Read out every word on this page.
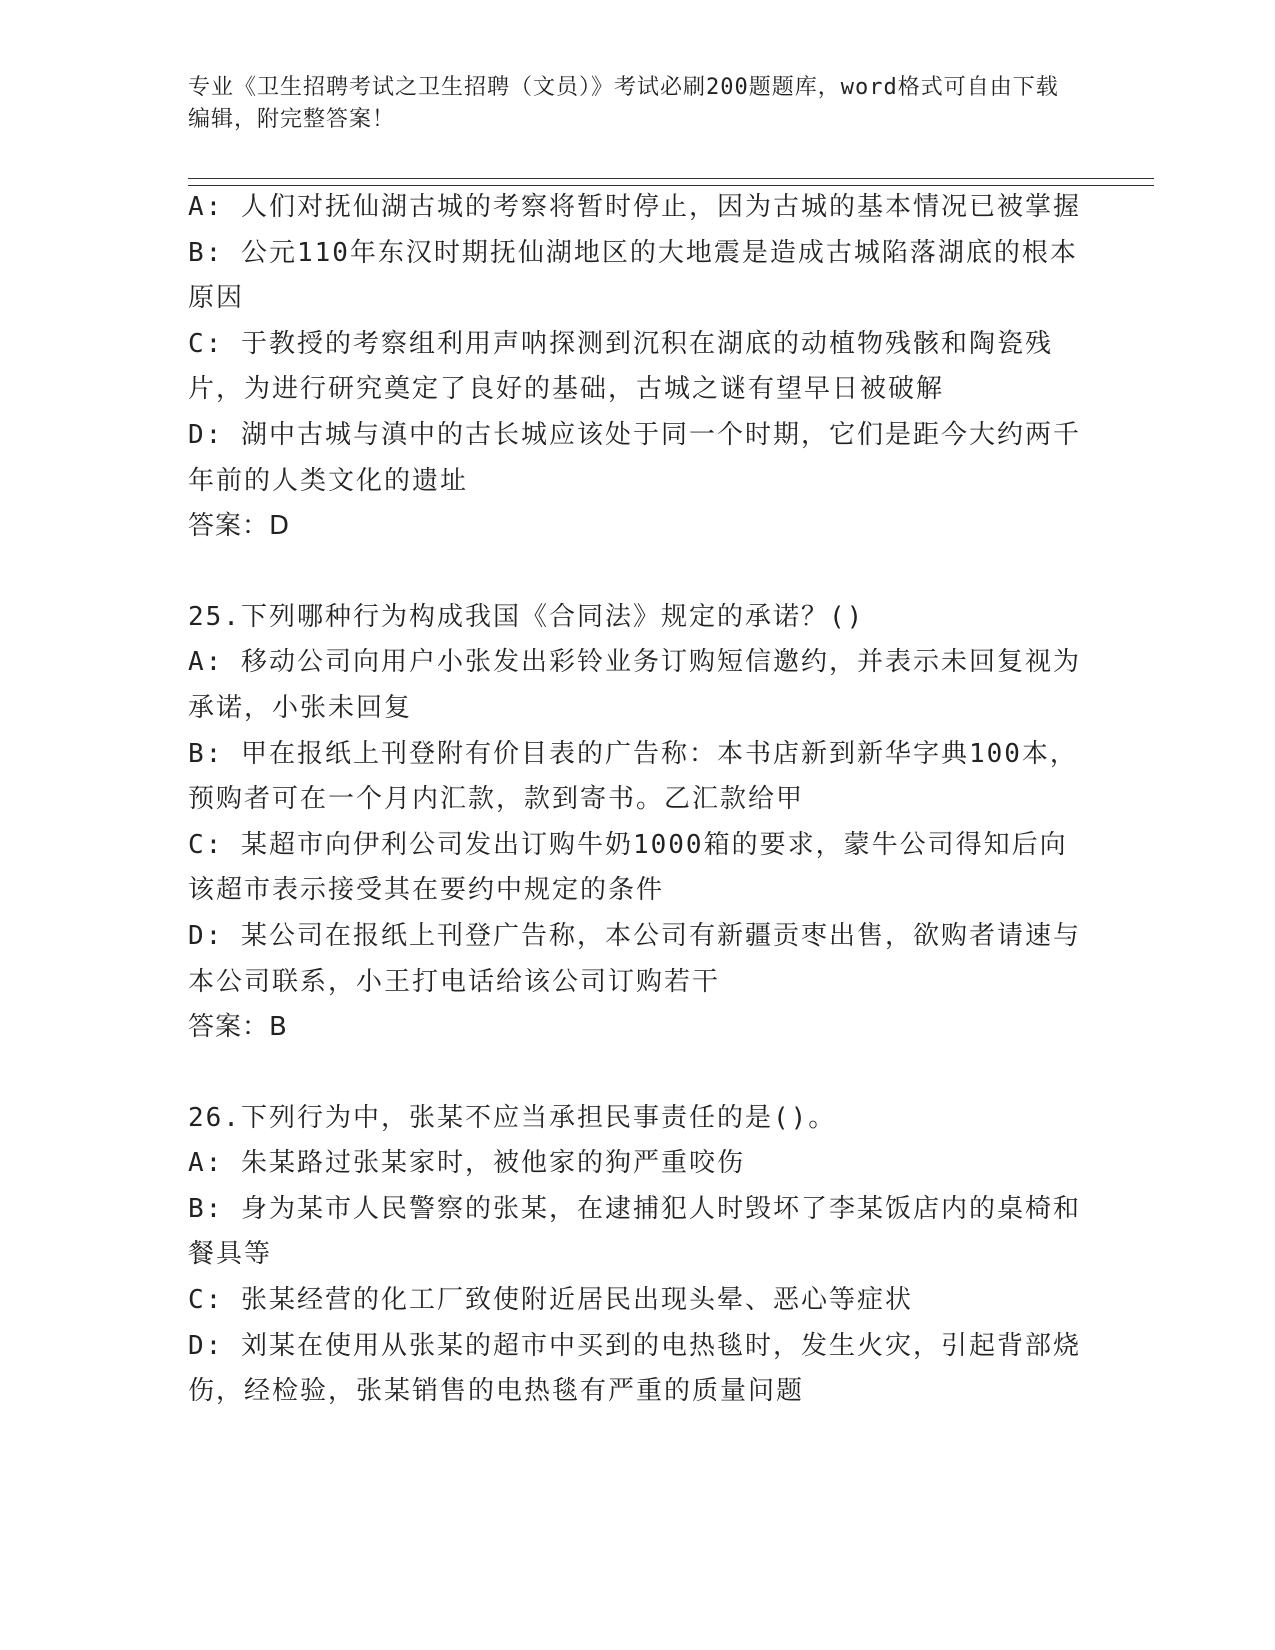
专业《卫生招聘考试之卫生招聘（文员）》考试必刷200题题库，word格式可自由下载编辑，附完整答案！
A: 人们对抚仙湖古城的考察将暂时停止，因为古城的基本情况已被掌握
B: 公元110年东汉时期抚仙湖地区的大地震是造成古城陷落湖底的根本原因
C: 于教授的考察组利用声呐探测到沉积在湖底的动植物残骸和陶瓷残片，为进行研究奠定了良好的基础，古城之谜有望早日被破解
D: 湖中古城与滇中的古长城应该处于同一个时期，它们是距今大约两千年前的人类文化的遗址
答案：D
25.下列哪种行为构成我国《合同法》规定的承诺？()
A: 移动公司向用户小张发出彩铃业务订购短信邀约，并表示未回复视为承诺，小张未回复
B: 甲在报纸上刊登附有价目表的广告称：本书店新到新华字典100本，预购者可在一个月内汇款，款到寄书。乙汇款给甲
C: 某超市向伊利公司发出订购牛奶1000箱的要求，蒙牛公司得知后向该超市表示接受其在要约中规定的条件
D: 某公司在报纸上刊登广告称，本公司有新疆贡枣出售，欲购者请速与本公司联系，小王打电话给该公司订购若干
答案：B
26.下列行为中，张某不应当承担民事责任的是()。
A: 朱某路过张某家时，被他家的狗严重咬伤
B: 身为某市人民警察的张某，在逮捕犯人时毁坏了李某饭店内的桌椅和餐具等
C: 张某经营的化工厂致使附近居民出现头晕、恶心等症状
D: 刘某在使用从张某的超市中买到的电热毯时，发生火灾，引起背部烧伤，经检验，张某销售的电热毯有严重的质量问题
